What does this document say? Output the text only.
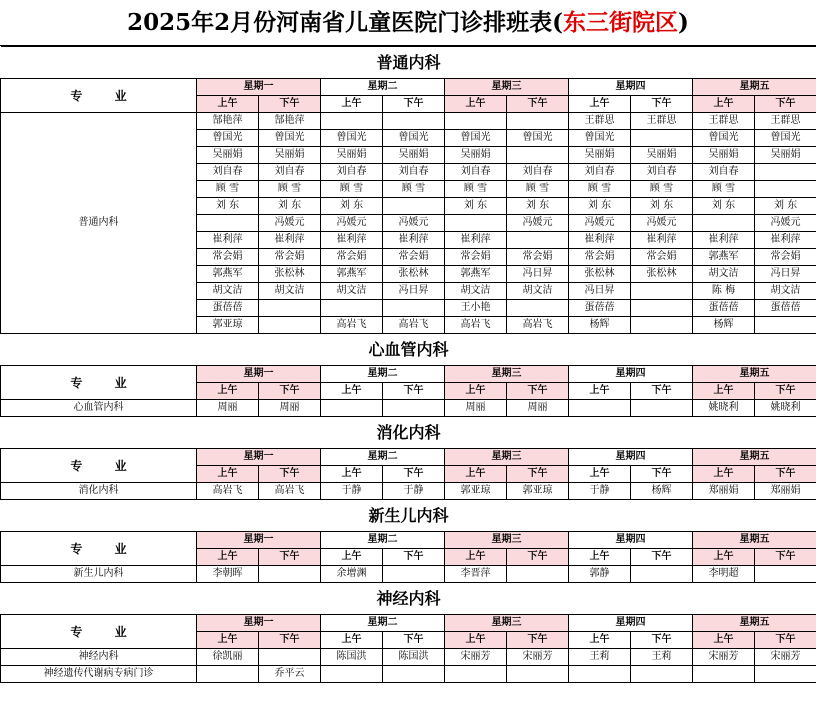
2025年2月份河南省儿童医院门诊排班表(东三街院区)
普通内科										
专 业	星期一		星期二		星期三		星期四		星期五	
	上午	下午	上午	下午	上午	下午	上午	下午	上午	下午
普通内科	郜艳萍	郜艳萍					王群思	王群思	王群思	王群思
	曾国光	曾国光	曾国光	曾国光	曾国光	曾国光	曾国光		曾国光	曾国光
	吴丽娟	吴丽娟	吴丽娟	吴丽娟	吴丽娟		吴丽娟	吴丽娟	吴丽娟	吴丽娟
	刘自春	刘自春	刘自春	刘自春	刘自春	刘自春	刘自春	刘自春	刘自春	
	顾 雪	顾 雪	顾 雪	顾 雪	顾 雪	顾 雪	顾 雪	顾 雪	顾 雪	
	刘 东	刘 东	刘 东		刘 东	刘 东	刘 东	刘 东	刘 东	刘 东
		冯媛元	冯媛元	冯媛元		冯媛元	冯媛元	冯媛元		冯媛元
	崔利萍	崔利萍	崔利萍	崔利萍	崔利萍		崔利萍	崔利萍	崔利萍	崔利萍
	常会娟	常会娟	常会娟	常会娟	常会娟	常会娟	常会娟	常会娟	郭燕军	常会娟
	郭燕军	张松林	郭燕军	张松林	郭燕军	冯日昇	张松林	张松林	胡文洁	冯日昇
	胡文洁	胡文洁	胡文洁	冯日昇	胡文洁	胡文洁	冯日昇		陈 梅	胡文洁
	蛋蓓蓓				王小艳		蛋蓓蓓		蛋蓓蓓	蛋蓓蓓
	郭亚琼		高岩飞	高岩飞	高岩飞	高岩飞	杨辉		杨辉	
心血管内科										
专 业	星期一		星期二		星期三		星期四		星期五	
	上午	下午	上午	下午	上午	下午	上午	下午	上午	下午
心血管内科	周丽	周丽			周丽	周丽			姚晓利	姚晓利
消化内科										
专 业	星期一		星期二		星期三		星期四		星期五	
	上午	下午	上午	下午	上午	下午	上午	下午	上午	下午
消化内科	高岩飞	高岩飞	于静	于静	郭亚琼	郭亚琼	于静	杨辉	郑丽娟	郑丽娟
新生儿内科										
专 业	星期一		星期二		星期三		星期四		星期五	
	上午	下午	上午	下午	上午	下午	上午	下午	上午	下午
新生儿内科	李朝晖		余增渊		李晋萍		郭静		李明超	
神经内科										
专 业	星期一		星期二		星期三		星期四		星期五	
	上午	下午	上午	下午	上午	下午	上午	下午	上午	下午
神经内科	徐凯丽		陈国洪	陈国洪	宋丽芳	宋丽芳	王莉	王莉	宋丽芳	宋丽芳
神经遗传代谢病专病门诊		乔平云								
